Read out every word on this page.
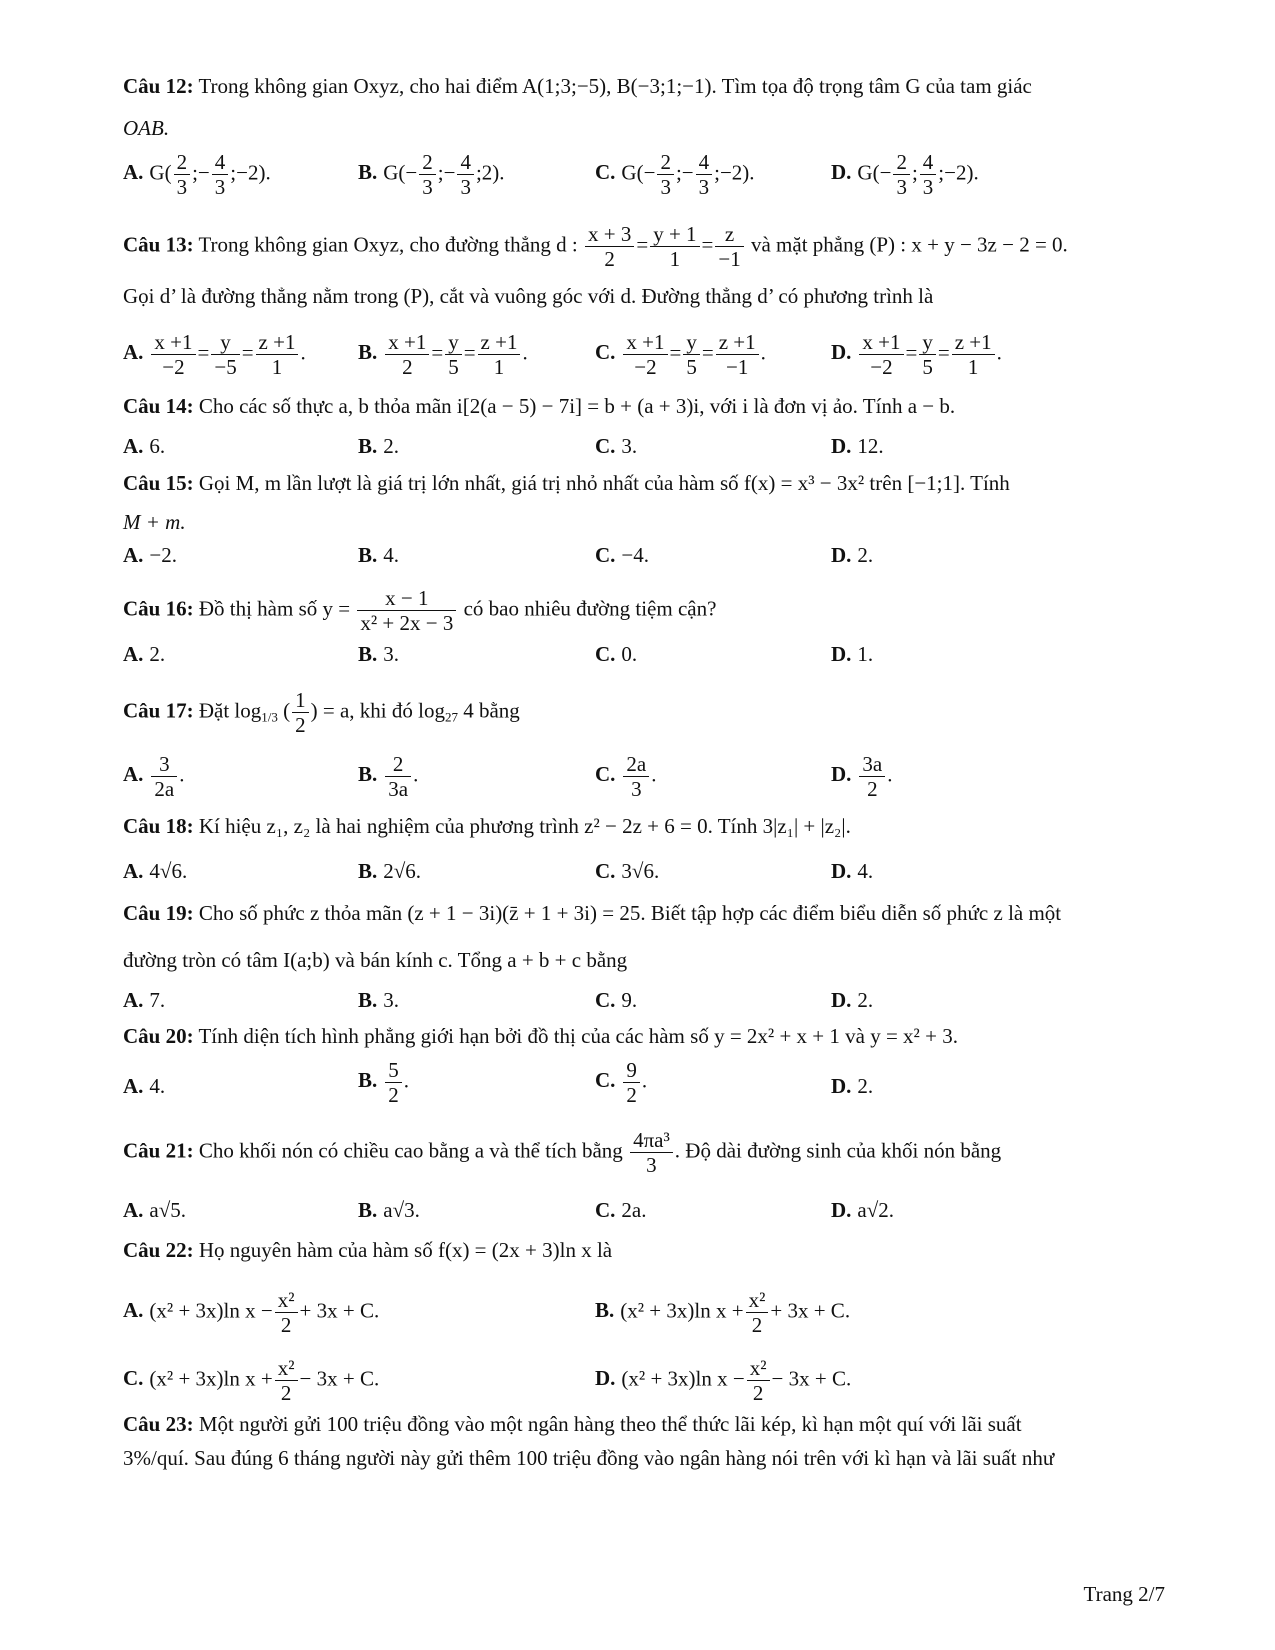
Câu 12: Trong không gian Oxyz, cho hai điểm A(1;3;−5), B(−3;1;−1). Tìm tọa độ trọng tâm G của tam giác
OAB.
A. $G( \frac{2}{3}$ ;− $\frac{4}{3}$ ;−2).	B. $G(- \frac{2}{3}$ ;− $\frac{4}{3}$ ;2).	C. $G(- \frac{2}{3}$ ;− $\frac{4}{3}$ ;−2).	D. $G(- \frac{2}{3}$ ; $\frac{4}{3}$ ;−2).
Câu 13: Trong không gian Oxyz, cho đường thẳng d : $\frac{x + 3}{2} = \frac{y + 1}{1} = \frac{z}{-1}$ và mặt phẳng (P) : x + y − 3z − 2 = 0.
Gọi d’ là đường thẳng nằm trong (P), cắt và vuông góc với d. Đường thẳng d’ có phương trình là
A. $\frac{x +1}{-2} = \frac{y}{-5} = \frac{z +1}{1}$ . B. $\frac{x +1}{2} = \frac{y}{5} = \frac{z +1}{1}$ .	C. $\frac{x +1}{-2} = \frac{y}{5} = \frac{z +1}{-1}$ .	D. $\frac{x +1}{-2} = \frac{y}{5} = \frac{z +1}{1}$ .
Câu 14: Cho các số thực a, b thỏa mãn i[2(a − 5) − 7i] = b + (a + 3)i, với i là đơn vị ảo. Tính a − b.
A. 6.	B. 2.	C. 3.	D. 12.
Câu 15: Gọi M, m lần lượt là giá trị lớn nhất, giá trị nhỏ nhất của hàm số f(x) = x³ − 3x² trên [−1;1]. Tính
M + m.
A. −2.	B. 4.	C. −4.	D. 2.
Câu 16: Đồ thị hàm số $y = \frac{x - 1}{\text{x² + 2x − 3}}$ có bao nhiêu đường tiệm cận?
A. 2.	B. 3.	C. 0.	D. 1.
Câu 17: Đặt $\log_{1/3}$ ( $\frac{1}{2}$ ) = a, khi đó $\log_{27} 4$ bằng
A. $\frac{3}{2a}$ .	B. $\frac{2}{3a}$ .	C. $\frac{2a}{3}$ .	D. $\frac{3a}{2}$ .
Câu 18: Kí hiệu z₁, z₂ là hai nghiệm của phương trình z² − 2z + 6 = 0. Tính 3|z₁| + |z₂|.
A. 4√6.	B. 2√6.	C. 3√6.	D. 4.
Câu 19: Cho số phức z thỏa mãn (z + 1 − 3i)(z̄ + 1 + 3i) = 25. Biết tập hợp các điểm biểu diễn số phức z là một
đường tròn có tâm I(a;b) và bán kính c. Tổng a + b + c bằng
A. 7.	B. 3.	C. 9.	D. 2.
Câu 20: Tính diện tích hình phẳng giới hạn bởi đồ thị của các hàm số y = 2x² + x + 1 và y = x² + 3.
A. 4.	B. $\frac{5}{2}$ .	C. $\frac{9}{2}$ .	D. 2.
Câu 21: Cho khối nón có chiều cao bằng a và thể tích bằng $\frac{\text{4πa³}}{3}$ . Độ dài đường sinh của khối nón bằng
A. a√5.	B. a√3.	C. 2a.	D. a√2.
Câu 22: Họ nguyên hàm của hàm số f(x) = (2x + 3)ln x là
A. (x² + 3x)ln $x - \frac{\text{x²}}{2} + 3x + C$.	B. (x² + 3x)ln $x + \frac{\text{x²}}{2} + 3x + C$.
C. (x² + 3x)ln $x + \frac{\text{x²}}{2} - 3x + C$.	D. (x² + 3x)ln $x - \frac{\text{x²}}{2} - 3x + C$.
Câu 23: Một người gửi 100 triệu đồng vào một ngân hàng theo thể thức lãi kép, kì hạn một quí với lãi suất
3%/quí. Sau đúng 6 tháng người này gửi thêm 100 triệu đồng vào ngân hàng nói trên với kì hạn và lãi suất như
Trang 2/7
